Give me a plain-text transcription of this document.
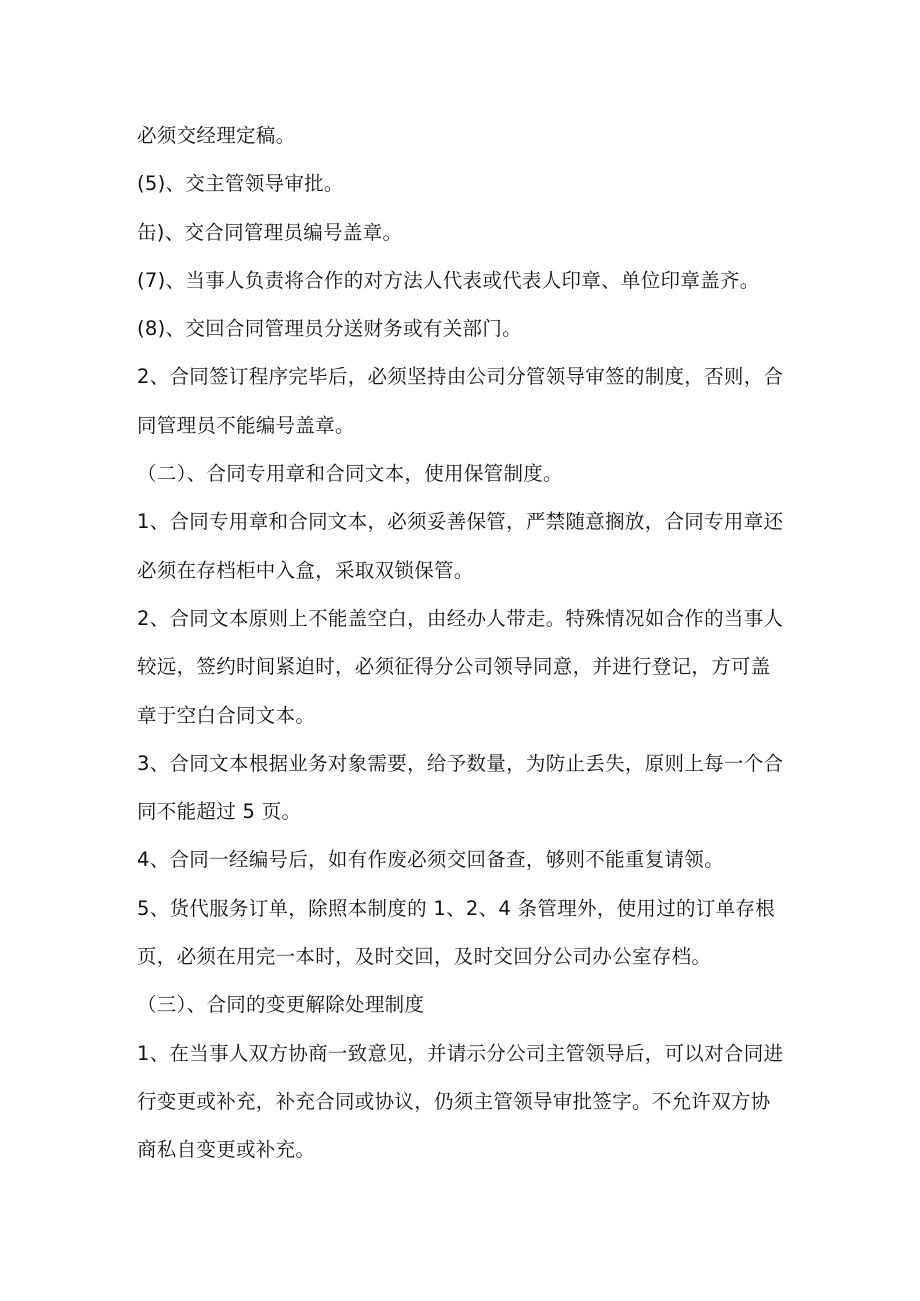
必须交经理定稿。
(5)、交主管领导审批。
缶)、交合同管理员编号盖章。
(7)、当事人负责将合作的对方法人代表或代表人印章、单位印章盖齐。
(8)、交回合同管理员分送财务或有关部门。
2、合同签订程序完毕后，必须坚持由公司分管领导审签的制度，否则，合
同管理员不能编号盖章。
（二）、合同专用章和合同文本，使用保管制度。
1、合同专用章和合同文本，必须妥善保管，严禁随意搁放，合同专用章还
必须在存档柜中入盒，采取双锁保管。
2、合同文本原则上不能盖空白，由经办人带走。特殊情况如合作的当事人
较远，签约时间紧迫时，必须征得分公司领导同意，并进行登记，方可盖
章于空白合同文本。
3、合同文本根据业务对象需要，给予数量，为防止丢失，原则上每一个合
同不能超过 5 页。
4、合同一经编号后，如有作废必须交回备查，够则不能重复请领。
5、货代服务订单，除照本制度的 1、2、4 条管理外，使用过的订单存根
页，必须在用完一本时，及时交回，及时交回分公司办公室存档。
（三）、合同的变更解除处理制度
1、在当事人双方协商一致意见，并请示分公司主管领导后，可以对合同进
行变更或补充，补充合同或协议，仍须主管领导审批签字。不允许双方协
商私自变更或补充。
